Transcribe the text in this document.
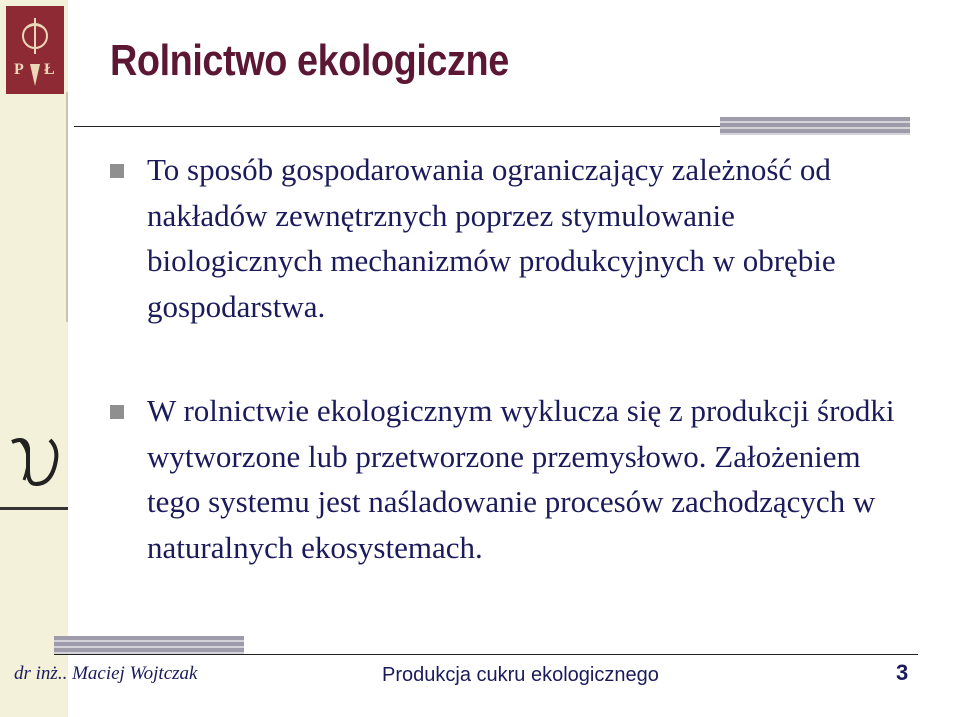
P Ł Rolnictwo ekologiczne
To sposób gospodarowania ograniczający zależność od nakładów zewnętrznych poprzez stymulowanie biologicznych mechanizmów produkcyjnych w obrębie gospodarstwa.
W rolnictwie ekologicznym wyklucza się z produkcji środki wytworzone lub przetworzone przemysłowo. Założeniem tego systemu jest naśladowanie procesów zachodzących w naturalnych ekosystemach.
dr inż.. Maciej Wojtczak	Produkcja cukru ekologicznego	3
